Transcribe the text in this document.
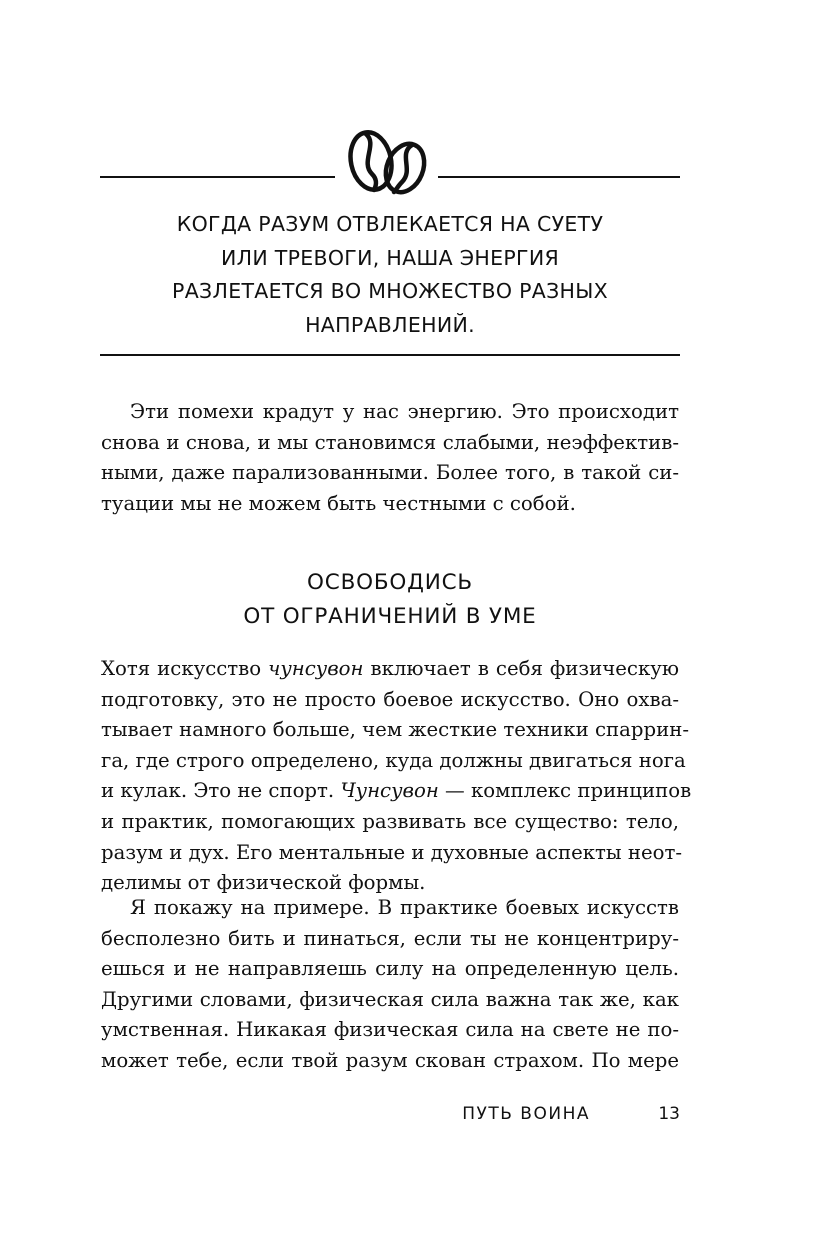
КОГДА РАЗУМ ОТВЛЕКАЕТСЯ НА СУЕТУ
ИЛИ ТРЕВОГИ, НАША ЭНЕРГИЯ
РАЗЛЕТАЕТСЯ ВО МНОЖЕСТВО РАЗНЫХ
НАПРАВЛЕНИЙ.

Эти помехи крадут у нас энергию. Это происходит
снова и снова, и мы становимся слабыми, неэффектив-
ными, даже парализованными. Более того, в такой си-
туации мы не можем быть честными с собой.
ОСВОБОДИСЬ
ОТ ОГРАНИЧЕНИЙ В УМЕ
Хотя искусство чунсувон включает в себя физическую
подготовку, это не просто боевое искусство. Оно охва-
тывает намного больше, чем жесткие техники спаррин-
га, где строго определено, куда должны двигаться нога
и кулак. Это не спорт. Чунсувон — комплекс принципов
и практик, помогающих развивать все существо: тело,
разум и дух. Его ментальные и духовные аспекты неот-
делимы от физической формы.
Я покажу на примере. В практике боевых искусств
бесполезно бить и пинаться, если ты не концентриру-
ешься и не направляешь силу на определенную цель.
Другими словами, физическая сила важна так же, как
умственная. Никакая физическая сила на свете не по-
может тебе, если твой разум скован страхом. По мере

ПУТЬ ВОИНА	13
